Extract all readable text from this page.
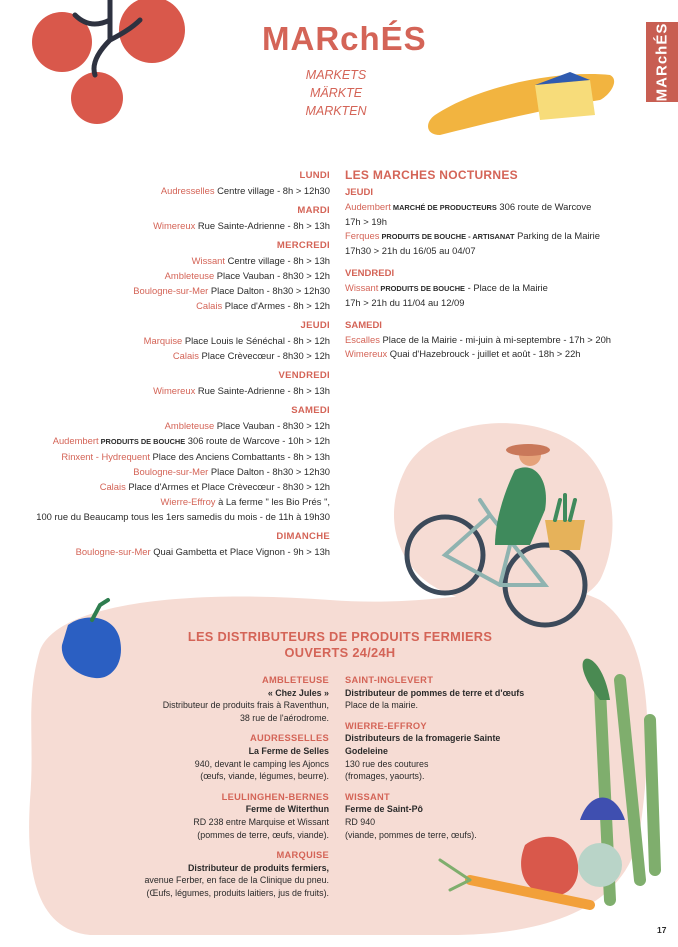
MARchÉS
MARKETS
MÄRKTE
MARKTEN
MARchÉS
LUNDI
Audresselles Centre village - 8h > 12h30
MARDI
Wimereux Rue Sainte-Adrienne - 8h > 13h
MERCREDI
Wissant Centre village - 8h > 13h
Ambleteuse Place Vauban - 8h30 > 12h
Boulogne-sur-Mer Place Dalton - 8h30 > 12h30
Calais Place d'Armes - 8h > 12h
JEUDI
Marquise Place Louis le Sénéchal - 8h > 12h
Calais Place Crèvecœur - 8h30 > 12h
VENDREDI
Wimereux Rue Sainte-Adrienne - 8h > 13h
SAMEDI
Ambleteuse Place Vauban - 8h30 > 12h
Audembert PRODUITS DE BOUCHE 306 route de Warcove - 10h > 12h
Rinxent - Hydrequent Place des Anciens Combattants - 8h > 13h
Boulogne-sur-Mer Place Dalton - 8h30 > 12h30
Calais Place d'Armes et Place Crèvecœur - 8h30 > 12h
Wierre-Effroy à La ferme " les Bio Prés ",
100 rue du Beaucamp tous les 1ers samedis du mois - de 11h à 19h30
DIMANCHE
Boulogne-sur-Mer Quai Gambetta et Place Vignon - 9h > 13h
LES MARCHES NOCTURNES
JEUDI
Audembert MARCHÉ DE PRODUCTEURS 306 route de Warcove
17h > 19h
Ferques PRODUITS DE BOUCHE - ARTISANAT Parking de la Mairie
17h30 > 21h du 16/05 au 04/07
VENDREDI
Wissant PRODUITS DE BOUCHE - Place de la Mairie
17h > 21h du 11/04 au 12/09
SAMEDI
Escalles Place de la Mairie - mi-juin à mi-septembre - 17h > 20h
Wimereux Quai d'Hazebrouck - juillet et août - 18h > 22h
LES DISTRIBUTEURS DE PRODUITS FERMIERS
OUVERTS 24/24H
AMBLETEUSE
« Chez Jules »
Distributeur de produits frais à Raventhun,
38 rue de l'aérodrome.
AUDRESSELLES
La Ferme de Selles
940, devant le camping les Ajoncs
(œufs, viande, légumes, beurre).
LEULINGHEN-BERNES
Ferme de Witerthun
RD 238 entre Marquise et Wissant
(pommes de terre, œufs, viande).
MARQUISE
Distributeur de produits fermiers,
avenue Ferber, en face de la Clinique du pneu.
(Œufs, légumes, produits laitiers, jus de fruits).
SAINT-INGLEVERT
Distributeur de pommes de terre et d'œufs
Place de la mairie.
WIERRE-EFFROY
Distributeurs de la fromagerie Sainte Godeleine
130 rue des coutures
(fromages, yaourts).
WISSANT
Ferme de Saint-Pô
RD 940
(viande, pommes de terre, œufs).
17
